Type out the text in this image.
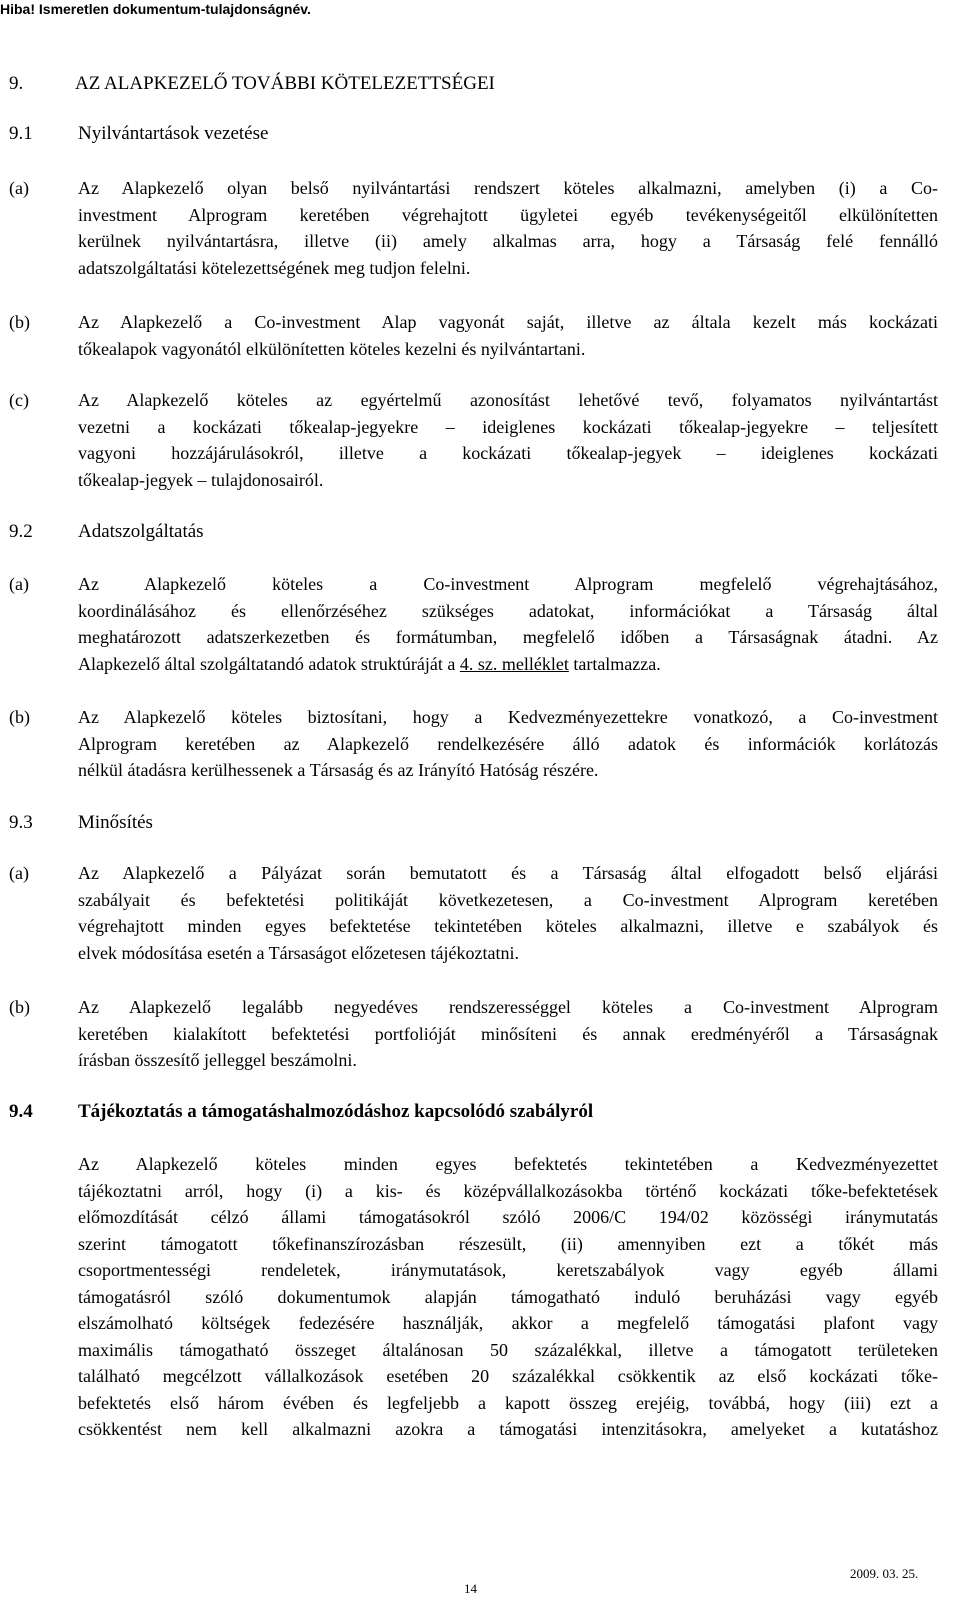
Hiba! Ismeretlen dokumentum-tulajdonságnév.
9.	AZ ALAPKEZELŐ TOVÁBBI KÖTELEZETTSÉGEI
9.1 Nyilvántartások vezetése
(a)	Az Alapkezelő olyan belső nyilvántartási rendszert köteles alkalmazni, amelyben (i) a Co-
investment Alprogram keretében végrehajtott ügyletei egyéb tevékenységeitől elkülönítetten
kerülnek nyilvántartásra, illetve (ii) amely alkalmas arra, hogy a Társaság felé fennálló
adatszolgáltatási kötelezettségének meg tudjon felelni.
(b)	Az Alapkezelő a Co-investment Alap vagyonát saját, illetve az általa kezelt más kockázati
tőkealapok vagyonától elkülönítetten köteles kezelni és nyilvántartani.
(c)	Az Alapkezelő köteles az egyértelmű azonosítást lehetővé tevő, folyamatos nyilvántartást
vezetni a kockázati tőkealap-jegyekre – ideiglenes kockázati tőkealap-jegyekre – teljesített
vagyoni hozzájárulásokról, illetve a kockázati tőkealap-jegyek – ideiglenes kockázati
tőkealap-jegyek – tulajdonosairól.
9.2 Adatszolgáltatás
(a)	Az Alapkezelő köteles a Co-investment Alprogram megfelelő végrehajtásához,
koordinálásához és ellenőrzéséhez szükséges adatokat, információkat a Társaság által
meghatározott adatszerkezetben és formátumban, megfelelő időben a Társaságnak átadni. Az
Alapkezelő által szolgáltatandó adatok struktúráját a 4. sz. melléklet tartalmazza.
(b)	Az Alapkezelő köteles biztosítani, hogy a Kedvezményezettekre vonatkozó, a Co-investment
Alprogram keretében az Alapkezelő rendelkezésére álló adatok és információk korlátozás
nélkül átadásra kerülhessenek a Társaság és az Irányító Hatóság részére.
9.3 Minősítés
(a)	Az Alapkezelő a Pályázat során bemutatott és a Társaság által elfogadott belső eljárási
szabályait és befektetési politikáját következetesen, a Co-investment Alprogram keretében
végrehajtott minden egyes befektetése tekintetében köteles alkalmazni, illetve e szabályok és
elvek módosítása esetén a Társaságot előzetesen tájékoztatni.
(b)	Az Alapkezelő legalább negyedéves rendszerességgel köteles a Co-investment Alprogram
keretében kialakított befektetési portfolióját minősíteni és annak eredményéről a Társaságnak
írásban összesítő jelleggel beszámolni.
9.4 Tájékoztatás a támogatáshalmozódáshoz kapcsolódó szabályról
Az Alapkezelő köteles minden egyes befektetés tekintetében a Kedvezményezettet
tájékoztatni arról, hogy (i) a kis- és középvállalkozásokba történő kockázati tőke-befektetések
előmozdítását célzó állami támogatásokról szóló 2006/C 194/02 közösségi iránymutatás
szerint támogatott tőkefinanszírozásban részesült, (ii) amennyiben ezt a tőkét más
csoportmentességi rendeletek, iránymutatások, keretszabályok vagy egyéb állami
támogatásról szóló dokumentumok alapján támogatható induló beruházási vagy egyéb
elszámolható költségek fedezésére használják, akkor a megfelelő támogatási plafont vagy
maximális támogatható összeget általánosan 50 százalékkal, illetve a támogatott területeken
található megcélzott vállalkozások esetében 20 százalékkal csökkentik az első kockázati tőke-
befektetés első három évében és legfeljebb a kapott összeg erejéig, továbbá, hogy (iii) ezt a
csökkentést nem kell alkalmazni azokra a támogatási intenzitásokra, amelyeket a kutatáshoz
2009. 03. 25.
14
